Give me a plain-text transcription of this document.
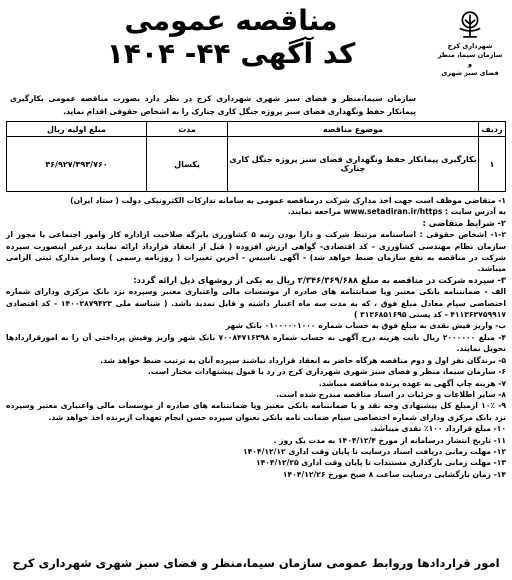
شهرداری کرج
سازمان سیما، منظر و
فضای سبز شهری
مناقصه عمومی
کد آگهی ۴۴- ۱۴۰۴
سازمان سیما،منظر و فضای سبز شهری شهرداری کرج در نظر دارد بصورت مناقصه عمومی بکارگیری پیمانکار حفظ ونگهداری فضای سبز پروژه جنگل کاری چنارک را به اشخاص حقوقی اقدام نماید.
ردیف	موضوع مناقصه	مدت	مبلغ اولیه ریال
۱	بکارگیری پیمانکار حفظ ونگهداری فضای سبز پروژه جنگل کاری چنارک	یکسال	۴۶/۹۲۷/۳۹۳/۷۶۰

۱- متقاضی موظف است جهت اخذ مدارک شرکت درمناقصه عمومی به سامانه تدارکات الکترونیکی دولت ( ستاد ایران)

به آدرس سایت : www.setadiran.ir/https مراجعه نمایند.

۲- شرایط متقاضی :

۱-۲- اشخاص حقوقی : اساسنامه مرتبط شرکت و دارا بودن رتبه ۵ کشاورزی بایرگه صلاحیت ازاداره کار وامور اجتماعی یا مجوز از سازمان نظام مهندسی کشاورزی - کد اقتصادی- گواهی ارزش افزوده ( قبل از انعقاد قرارداد ارائه نمایند درغیر اینصورت سپرده شرکت در مناقصه به نفع سازمان ضبط خواهد شد) - آگهی تاسیس - آخرین تغییرات ( روزنامه رسمی ) وسایر مدارک ثبتی الزامی میباشد.

۳- سپرده شرکت در مناقصه به مبلغ ۲/۳۴۶/۳۶۹/۶۸۸ ریال به یکی از روشهای ذیل ارائه گردد:

الف - ضمانتنامه بانکی معتبر ویا ضمانتنامه های صادره از موسسات مالی واعتباری معتبر وسپرده نزد بانک مرکزی ودارای شماره اختصاصی سپام معادل مبلغ فوق ، که به مدت سه ماه اعتبار داشته و قابل تمدید باشد. ( شناسه ملی ۱۴۰۰۲۸۷۹۴۲۳ - کد اقتصادی ۴۱۱۳۶۳۷۵۹۹۱۷ - کد پستی ۳۱۳۶۸۵۱۶۹۵ )

ب- واریز فیش نقدی به مبلغ فوق به حساب شماره ۰۱۰۰۰۰۰۱۰۰۰ بانک شهر

۴- مبلغ ۲۰۰۰۰۰۰ ریال بابت هزینه درج آگهی به حساب شماره ۷۰۰۸۴۷۱۶۳۹۸ بانک شهر واریز وفیش پرداختی آن را به امورقراردادها تحویل نمایند.

۵- برندگان نفر اول و دوم مناقصه هرگاه حاضر به انعقاد قرارداد نباشند سپرده آنان به ترتیب ضبط خواهد شد.

۶- سازمان سیما، منظر و فضای سبز شهری شهرداری کرج در رد یا قبول پیشنهادات مختار است.

۷- هزینه چاپ آگهی به عهده برنده مناقصه میباشد.

۸- سایر اطلاعات و جزئیات در اسناد مناقصه مندرج شده است.

۹- ۱۰٪ ازمبلغ کل پیشنهادی وجه نقد و یا ضمانتنامه بانکی معتبر ویا ضمانتنامه های صادره از موسسات مالی واعتباری معتبر وسپرده نزد بانک مرکزی ودارای شماره اختصاصی سپام ضمانت نامه بانکی بعنوان سپرده حسن انجام تعهدات ازبرنده اخذ خواهد شد.

۱۰- مبلغ قرارداد ۱۰۰٪ نقدی میباشد.

۱۱- تاریخ انتشار درسامانه از مورخ ۱۴۰۴/۱۲/۴ به مدت یک روز .

۱۲- مهلت زمانی دریافت اسناد درسایت تا پایان وقت اداری ۱۴۰۴/۱۲/۱۲

۱۳- مهلت زمانی بارگذاری مستندات تا پایان وقت اداری ۱۴۰۴/۱۲/۲۵

۱۴- زمان بازگشایی درسایت ساعت ۸ صبح مورخ ۱۴۰۴/۱۲/۲۶

امور قراردادها وروابط عمومی سازمان سیما،منظر و فضای سبز شهری شهرداری کرج
